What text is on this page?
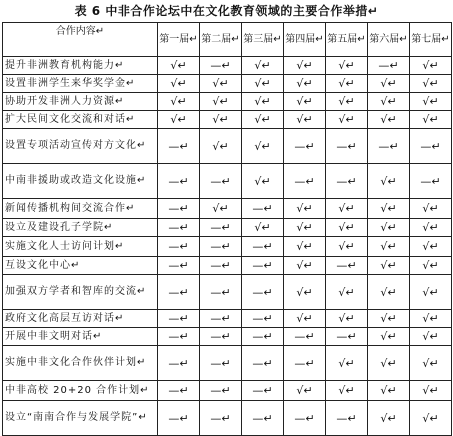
表 6 中非合作论坛中在文化教育领域的主要合作举措↵
合作内容↵	第一届↵	第二届↵	第三届↵	第四届↵	第五届↵	第六届↵	第七届↵
提升非洲教育机构能力↵	√↵	—↵	√↵	√↵	√↵	—↵	√↵
设置非洲学生来华奖学金↵	√↵	√↵	√↵	√↵	√↵	√↵	√↵
协助开发非洲人力资源↵	√↵	√↵	√↵	√↵	√↵	√↵	√↵
扩大民间文化交流和对话↵	√↵	√↵	√↵	√↵	√↵	√↵	√↵
设置专项活动宣传对方文化↵	—↵	√↵	√↵	—↵	—↵	—↵	—↵
中南非援助或改造文化设施↵	—↵	—↵	√↵	—↵	—↵	√↵	—↵
新闻传播机构间交流合作↵	—↵	√↵	—↵	√↵	√↵	√↵	√↵
设立及建设孔子学院↵	—↵	—↵	√↵	√↵	√↵	√↵	√↵
实施文化人士访问计划↵	—↵	—↵	—↵	√↵	√↵	√↵	√↵
互设文化中心↵	—↵	—↵	—↵	√↵	—↵	√↵	√↵
加强双方学者和智库的交流↵	—↵	—↵	—↵	√↵	√↵	√↵	√↵
政府文化高层互访对话↵	—↵	—↵	—↵	√↵	√↵	√↵	√↵
开展中非文明对话↵	—↵	—↵	—↵	—↵	—↵	√↵	√↵
实施中非文化合作伙伴计划↵	—↵	—↵	—↵	—↵	√↵	√↵	√↵
中非高校 20+20 合作计划↵	—↵	—↵	—↵	√↵	√↵	√↵	√↵
设立“南南合作与发展学院”↵	—↵	—↵	—↵	—↵	—↵	√↵	√↵
